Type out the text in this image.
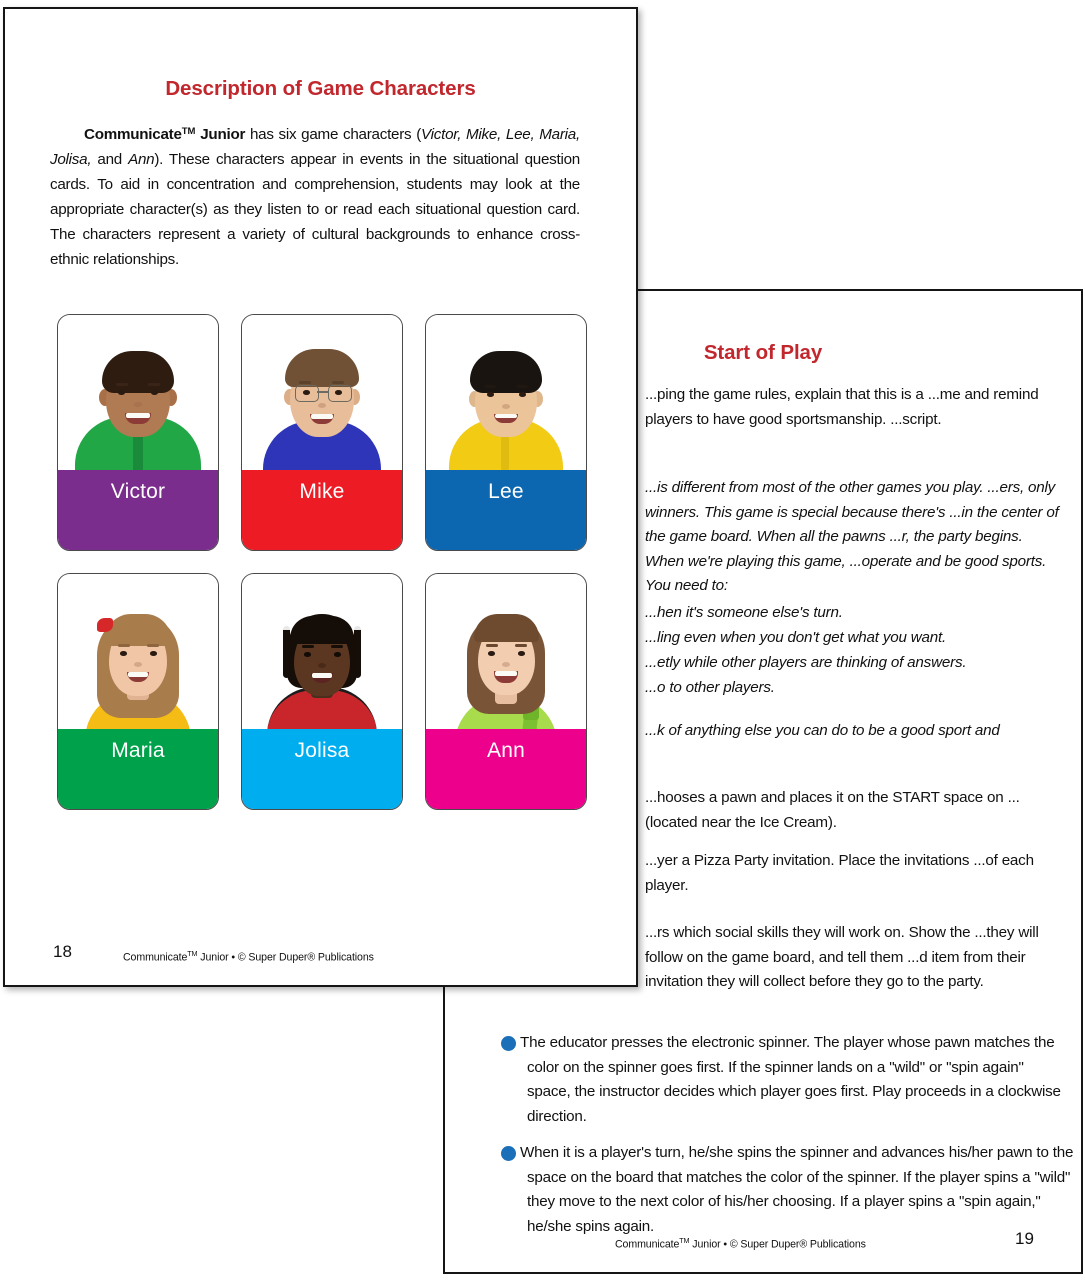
Start of Play
...ping the game rules, explain that this is a ...me and remind players to have good sportsmanship. ...script.
...is different from most of the other games you play. ...ers, only winners. This game is special because there's ...in the center of the game board. When all the pawns ...r, the party begins. When we're playing this game, ...operate and be good sports. You need to:
...hen it's someone else's turn.
...ling even when you don't get what you want.
...etly while other players are thinking of answers.
...o to other players.
...k of anything else you can do to be a good sport and
...hooses a pawn and places it on the START space on ...(located near the Ice Cream).
...yer a Pizza Party invitation. Place the invitations ...of each player.
...rs which social skills they will work on. Show the ...they will follow on the game board, and tell them ...d item from their invitation they will collect before they go to the party.
5 The educator presses the electronic spinner. The player whose pawn matches the color on the spinner goes first. If the spinner lands on a "wild" or "spin again" space, the instructor decides which player goes first. Play proceeds in a clockwise direction.
6 When it is a player's turn, he/she spins the spinner and advances his/her pawn to the space on the board that matches the color of the spinner. If the player spins a "wild" they move to the next color of his/her choosing. If a player spins a "spin again," he/she spins again.
Communicate™ Junior • © Super Duper® Publications	19
Description of Game Characters
Communicate™ Junior has six game characters (Victor, Mike, Lee, Maria, Jolisa, and Ann). These characters appear in events in the situational question cards. To aid in concentration and comprehension, students may look at the appropriate character(s) as they listen to or read each situational question card. The characters represent a variety of cultural backgrounds to enhance cross-ethnic relationships.
Victor	Mike	Lee
Maria	Jolisa	Ann
Communicate™ Junior • © Super Duper® Publications
18
